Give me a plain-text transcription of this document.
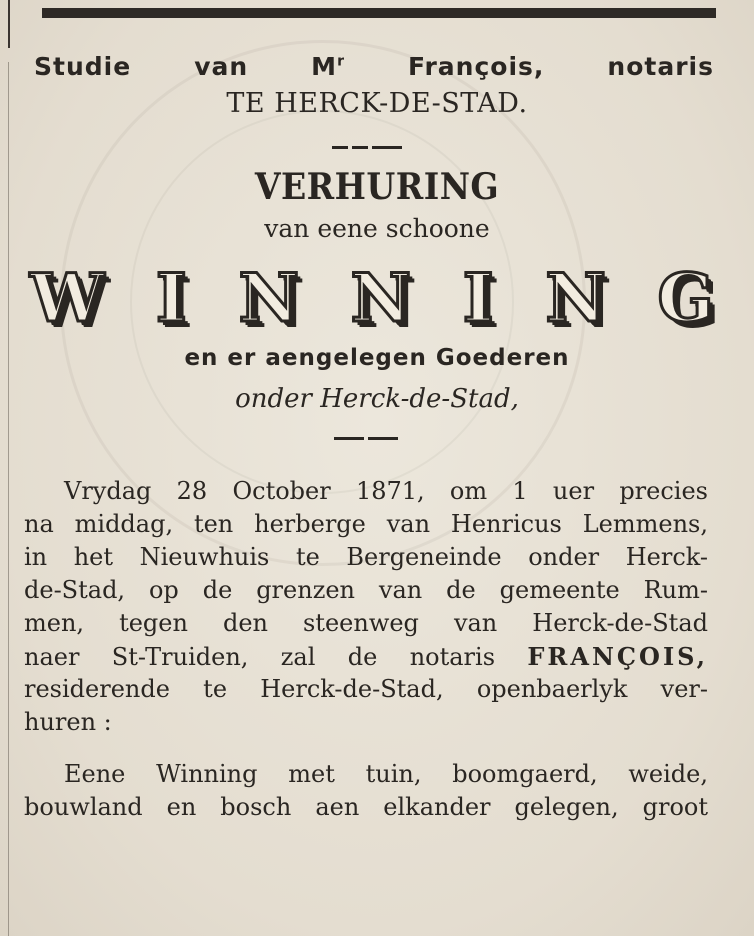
Studie van $M^r$ François, notaris
TE HERCK-DE-STAD.
VERHURING
van eene schoone
W I N N I N G
en er aengelegen Goederen
onder Herck-de-Stad,
Vrydag 28 October 1871, om 1 uer precies
na middag, ten herberge van Henricus Lemmens,
in het Nieuwhuis te Bergeneinde onder Herck-
de-Stad, op de grenzen van de gemeente Rum-
men, tegen den steenweg van Herck-de-Stad
naer St-Truiden, zal de notaris FRANÇOIS,
residerende te Herck-de-Stad, openbaerlyk ver-
huren :
Eene Winning met tuin, boomgaerd, weide,
bouwland en bosch aen elkander gelegen, groot
